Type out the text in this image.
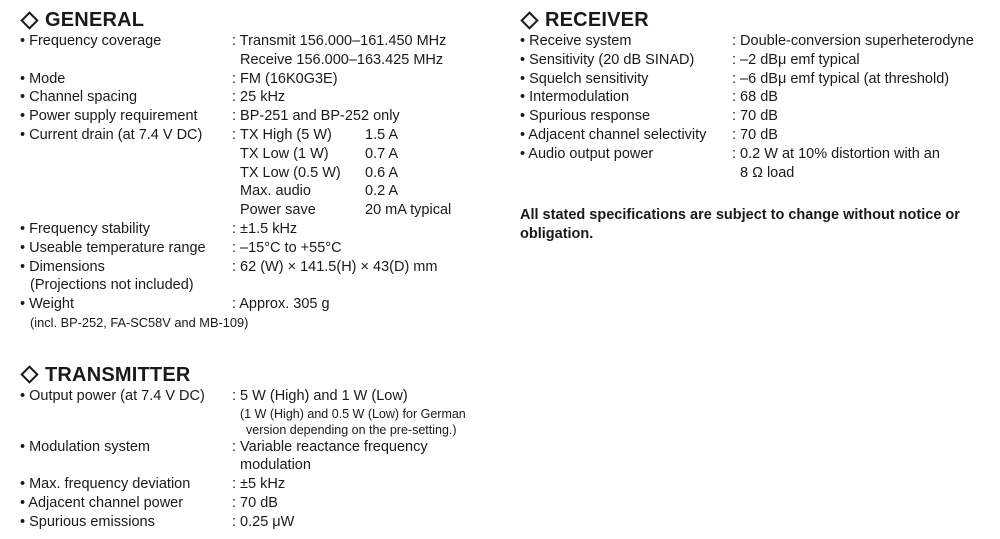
GENERAL
• Frequency coverage	: Transmit 156.000–161.450 MHz
Receive 156.000–163.425 MHz
• Mode	: FM (16K0G3E)
• Channel spacing	: 25 kHz
• Power supply requirement	: BP-251 and BP-252 only
• Current drain (at 7.4 V DC)	: TX High (5 W)	1.5 A
TX Low (1 W)	0.7 A
TX Low (0.5 W)	0.6 A
Max. audio	0.2 A
Power save	20 mA typical
• Frequency stability	: ±1.5 kHz
• Useable temperature range	: –15°C to +55°C
• Dimensions
(Projections not included)
: 62 (W) × 141.5(H) × 43(D) mm
• Weight	: Approx. 305 g
(incl. BP-252, FA-SC58V and MB-109)
TRANSMITTER
• Output power (at 7.4 V DC)	: 5 W (High) and 1 W (Low)
(1 W (High) and 0.5 W (Low) for German
version depending on the pre-setting.)
• Modulation system	: Variable reactance frequency
modulation
• Max. frequency deviation	: ±5 kHz
• Adjacent channel power	: 70 dB
• Spurious emissions	: 0.25 μW
RECEIVER
• Receive system	: Double-conversion superheterodyne
• Sensitivity (20 dB SINAD)	: –2 dBμ emf typical
• Squelch sensitivity	: –6 dBμ emf typical (at threshold)
• Intermodulation	: 68 dB
• Spurious response	: 70 dB
• Adjacent channel selectivity	: 70 dB
• Audio output power	: 0.2 W at 10% distortion with an
8 Ω load
All stated specifications are subject to change without notice or obligation.
